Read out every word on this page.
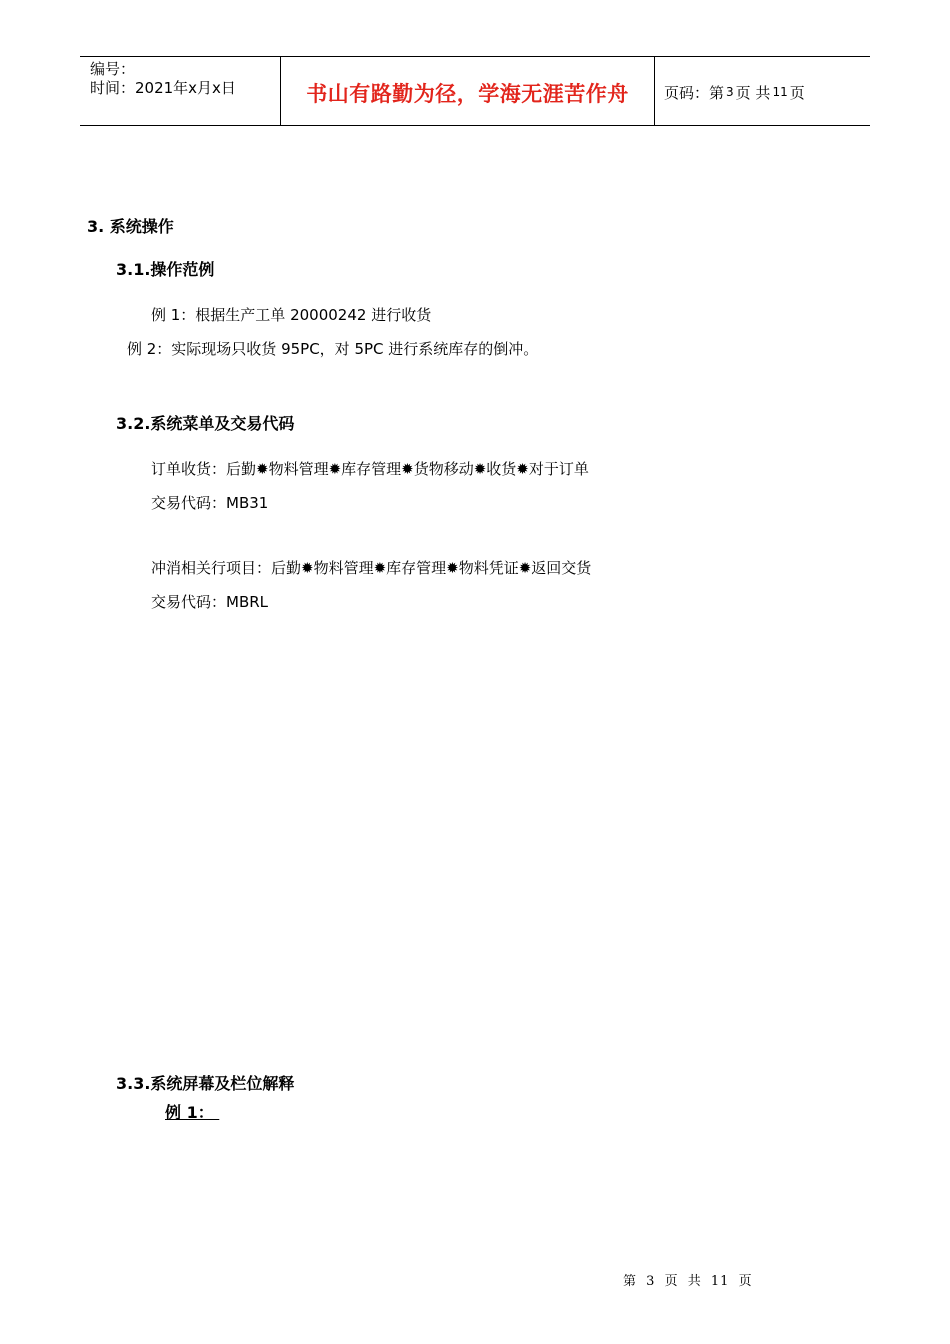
编号：
时间：2021年x月x日	书山有路勤为径，学海无涯苦作舟	页码：第 3 页 共 11 页
3. 系统操作
3.1.操作范例
例 1：根据生产工单 20000242 进行收货
例 2：实际现场只收货 95PC，对 5PC 进行系统库存的倒冲。
3.2.系统菜单及交易代码
订单收货：后勤✹物料管理✹库存管理✹货物移动✹收货✹对于订单
交易代码：MB31
冲消相关行项目：后勤✹物料管理✹库存管理✹物料凭证✹返回交货
交易代码：MBRL
3.3.系统屏幕及栏位解释
例 1：
第 3 页 共 11 页
